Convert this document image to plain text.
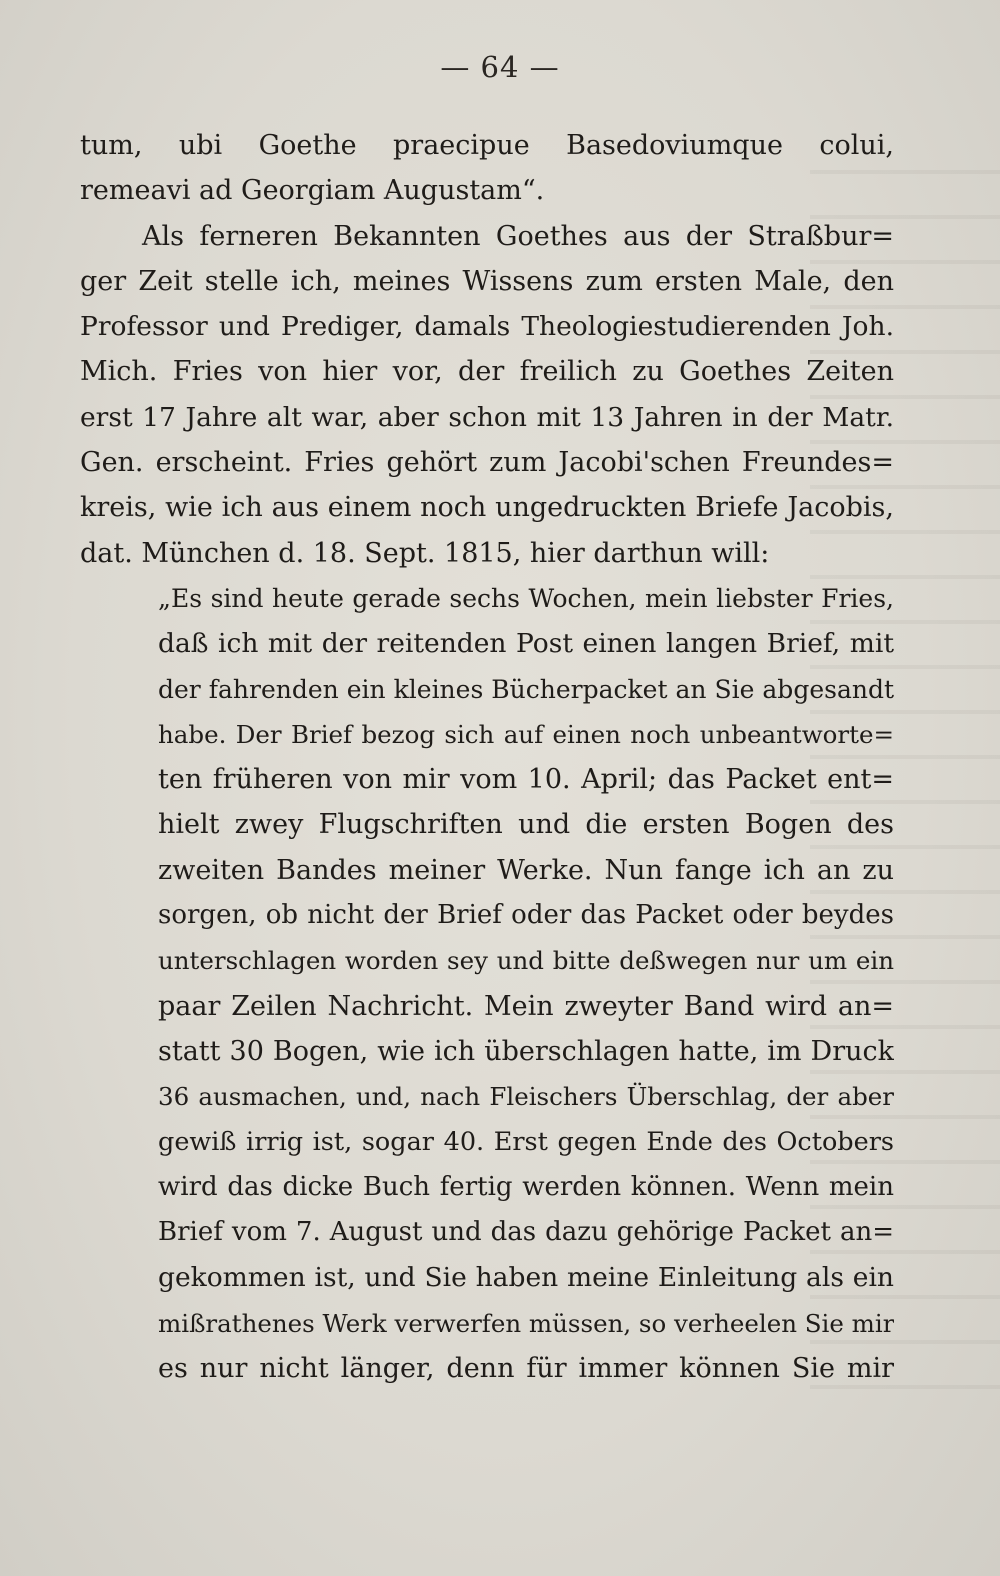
— 64 —
tum, ubi Goethe praecipue Basedoviumque colui,
remeavi ad Georgiam Augustam“.
Als ferneren Bekannten Goethes aus der Straßbur=
ger Zeit stelle ich, meines Wissens zum ersten Male, den
Professor und Prediger, damals Theologiestudierenden Joh.
Mich. Fries von hier vor, der freilich zu Goethes Zeiten
erst 17 Jahre alt war, aber schon mit 13 Jahren in der Matr.
Gen. erscheint. Fries gehört zum Jacobi'schen Freundes=
kreis, wie ich aus einem noch ungedruckten Briefe Jacobis,
dat. München d. 18. Sept. 1815, hier darthun will:
„Es sind heute gerade sechs Wochen, mein liebster Fries,
daß ich mit der reitenden Post einen langen Brief, mit
der fahrenden ein kleines Bücherpacket an Sie abgesandt
habe. Der Brief bezog sich auf einen noch unbeantworte=
ten früheren von mir vom 10. April; das Packet ent=
hielt zwey Flugschriften und die ersten Bogen des
zweiten Bandes meiner Werke. Nun fange ich an zu
sorgen, ob nicht der Brief oder das Packet oder beydes
unterschlagen worden sey und bitte deßwegen nur um ein
paar Zeilen Nachricht. Mein zweyter Band wird an=
statt 30 Bogen, wie ich überschlagen hatte, im Druck
36 ausmachen, und, nach Fleischers Überschlag, der aber
gewiß irrig ist, sogar 40. Erst gegen Ende des Octobers
wird das dicke Buch fertig werden können. Wenn mein
Brief vom 7. August und das dazu gehörige Packet an=
gekommen ist, und Sie haben meine Einleitung als ein
mißrathenes Werk verwerfen müssen, so verheelen Sie mir
es nur nicht länger, denn für immer können Sie mir
